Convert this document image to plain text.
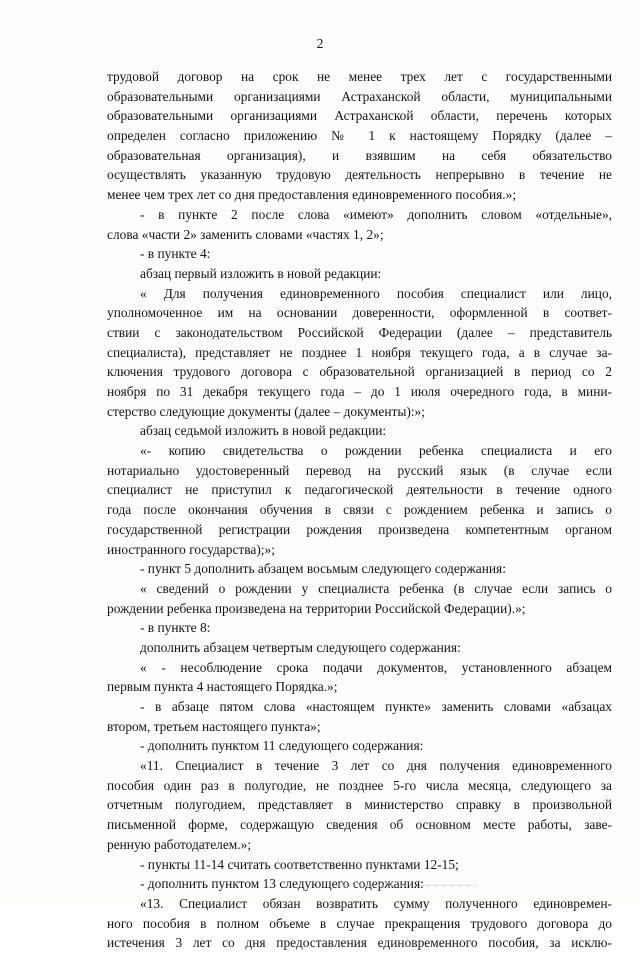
2
трудовой договор на срок не менее трех лет с государственными
образовательными организациями Астраханской области, муниципальными
образовательными организациями Астраханской области, перечень которых
определен согласно приложению № 1 к настоящему Порядку (далее –
образовательная организация), и взявшим на себя обязательство
осуществлять указанную трудовую деятельность непрерывно в течение не
менее чем трех лет со дня предоставления единовременного пособия.»;
- в пункте 2 после слова «имеют» дополнить словом «отдельные»,
слова «части 2» заменить словами «частях 1, 2»;
- в пункте 4:
абзац первый изложить в новой редакции:
« Для получения единовременного пособия специалист или лицо,
уполномоченное им на основании доверенности, оформленной в соответ-
ствии с законодательством Российской Федерации (далее – представитель
специалиста), представляет не позднее 1 ноября текущего года, а в случае за-
ключения трудового договора с образовательной организацией в период со 2
ноября по 31 декабря текущего года – до 1 июля очередного года, в мини-
стерство следующие документы (далее – документы):»;
абзац седьмой изложить в новой редакции:
«- копию свидетельства о рождении ребенка специалиста и его
нотариально удостоверенный перевод на русский язык (в случае если
специалист не приступил к педагогической деятельности в течение одного
года после окончания обучения в связи с рождением ребенка и запись о
государственной регистрации рождения произведена компетентным органом
иностранного государства);»;
- пункт 5 дополнить абзацем восьмым следующего содержания:
« сведений о рождении у специалиста ребенка (в случае если запись о
рождении ребенка произведена на территории Российской Федерации).»;
- в пункте 8:
дополнить абзацем четвертым следующего содержания:
« - несоблюдение срока подачи документов, установленного абзацем
первым пункта 4 настоящего Порядка.»;
- в абзаце пятом слова «настоящем пункте» заменить словами «абзацах
втором, третьем настоящего пункта»;
- дополнить пунктом 11 следующего содержания:
«11. Специалист в течение 3 лет со дня получения единовременного
пособия один раз в полугодие, не позднее 5-го числа месяца, следующего за
отчетным полугодием, представляет в министерство справку в произвольной
письменной форме, содержащую сведения об основном месте работы, заве-
ренную работодателем.»;
- пункты 11-14 считать соответственно пунктами 12-15;
- дополнить пунктом 13 следующего содержания:
«13. Специалист обязан возвратить сумму полученного единовремен-
ного пособия в полном объеме в случае прекращения трудового договора до
истечения 3 лет со дня предоставления единовременного пособия, за исклю-
